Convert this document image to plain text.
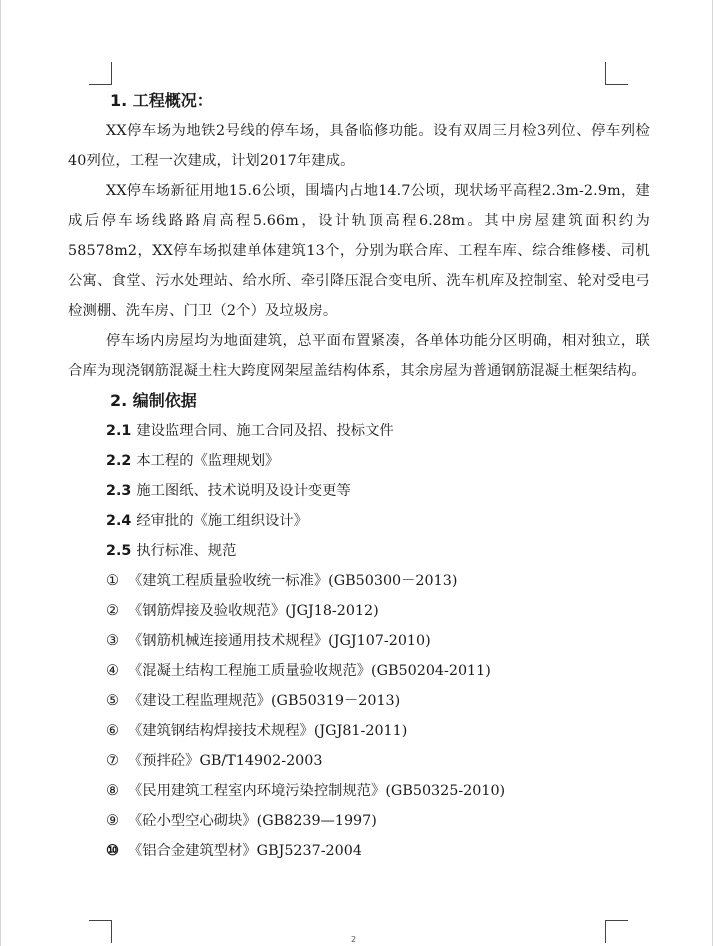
1. 工程概况：
XX停车场为地铁2号线的停车场，具备临修功能。设有双周三月检3列位、停车列检40列位，工程一次建成，计划2017年建成。
XX停车场新征用地15.6公顷，围墙内占地14.7公顷，现状场平高程2.3m-2.9m，建成后停车场线路路肩高程5.66m，设计轨顶高程6.28m。其中房屋建筑面积约为58578m2，XX停车场拟建单体建筑13个，分别为联合库、工程车库、综合维修楼、司机公寓、食堂、污水处理站、给水所、牵引降压混合变电所、洗车机库及控制室、轮对受电弓检测棚、洗车房、门卫（2个）及垃圾房。
停车场内房屋均为地面建筑，总平面布置紧凑，各单体功能分区明确，相对独立，联合库为现浇钢筋混凝土柱大跨度网架屋盖结构体系，其余房屋为普通钢筋混凝土框架结构。
2. 编制依据
2.1 建设监理合同、施工合同及招、投标文件
2.2 本工程的《监理规划》
2.3 施工图纸、技术说明及设计变更等
2.4 经审批的《施工组织设计》
2.5 执行标准、规范
① 《建筑工程质量验收统一标准》(GB50300－2013)
② 《钢筋焊接及验收规范》(JGJ18-2012)
③ 《钢筋机械连接通用技术规程》(JGJ107-2010)
④ 《混凝土结构工程施工质量验收规范》(GB50204-2011)
⑤ 《建设工程监理规范》(GB50319－2013)
⑥ 《建筑钢结构焊接技术规程》(JGJ81-2011)
⑦ 《预拌砼》GB/T14902-2003
⑧ 《民用建筑工程室内环境污染控制规范》(GB50325-2010)
⑨ 《砼小型空心砌块》(GB8239—1997)
⑩ 《铝合金建筑型材》GBJ5237-2004
2
